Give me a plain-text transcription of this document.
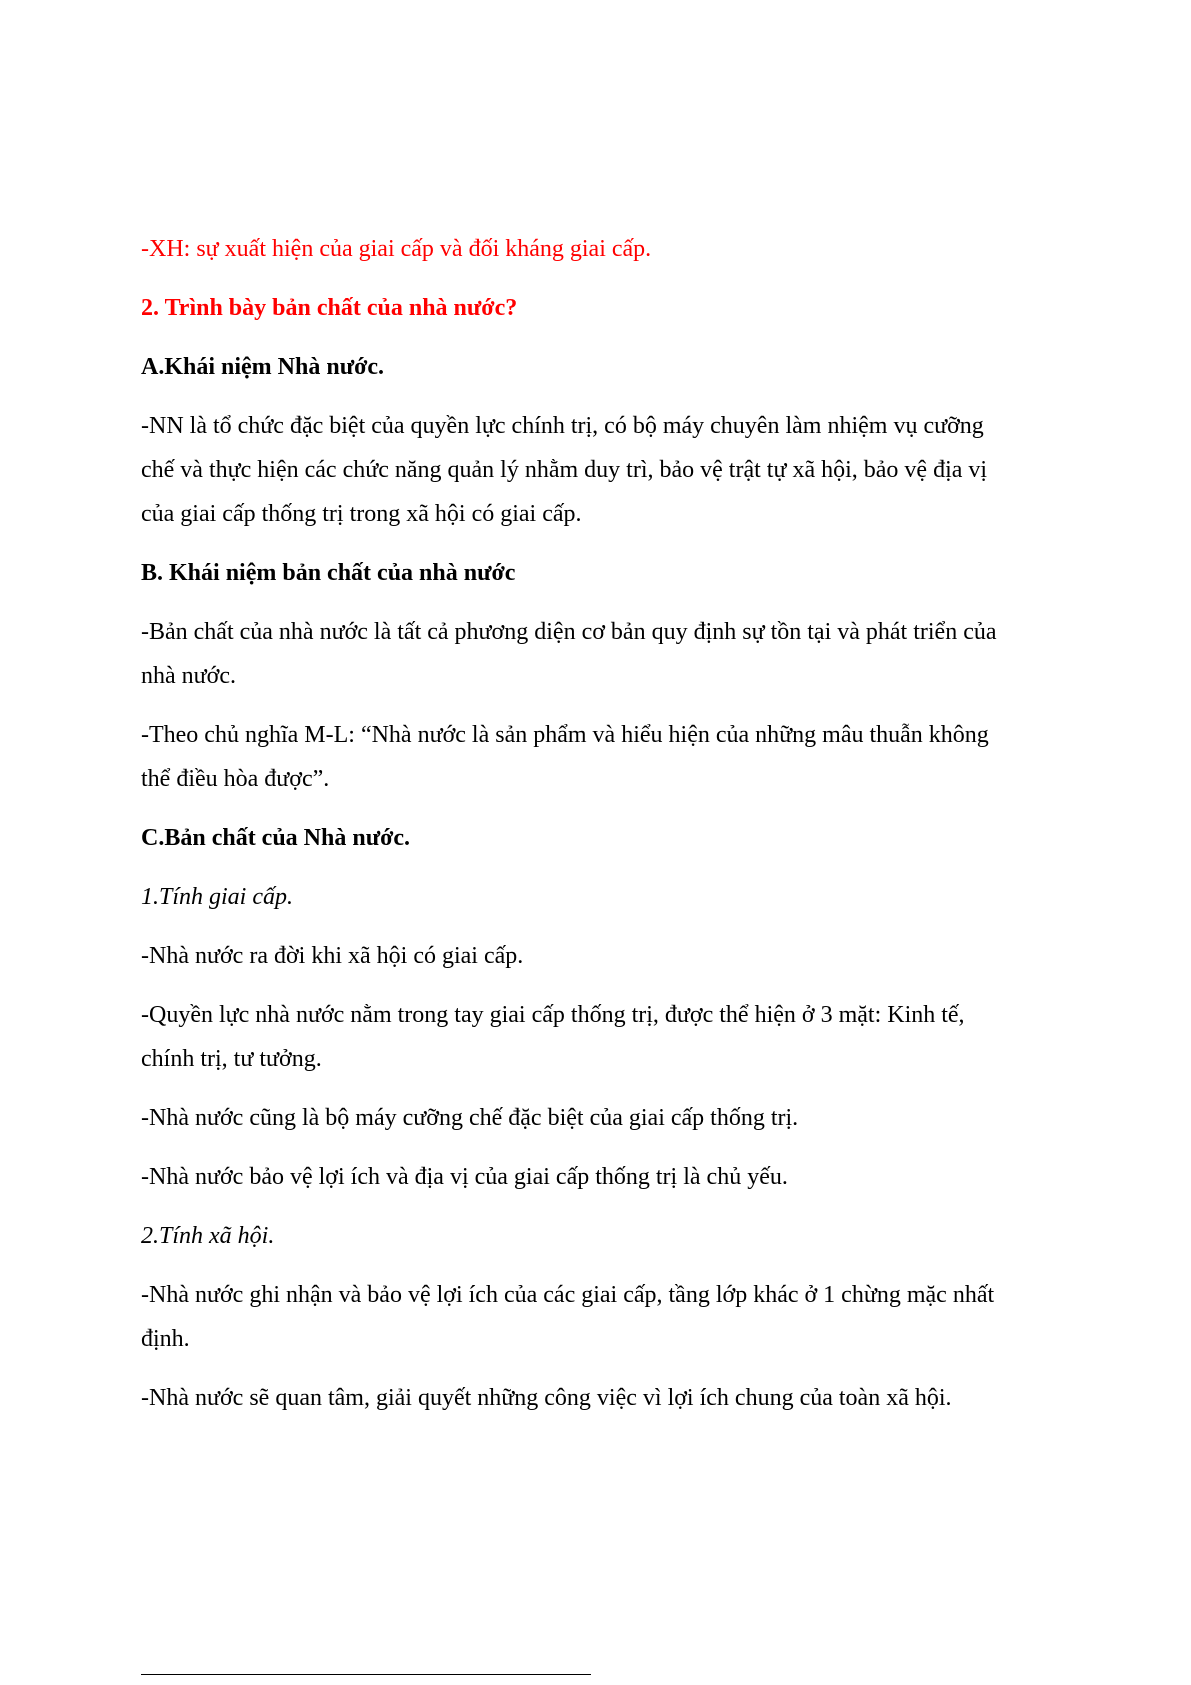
-XH: sự xuất hiện của giai cấp và đối kháng giai cấp.
2. Trình bày bản chất của nhà nước?
A.Khái niệm Nhà nước.
-NN là tổ chức đặc biệt của quyền lực chính trị, có bộ máy chuyên làm nhiệm vụ cưỡng
chế và thực hiện các chức năng quản lý nhằm duy trì, bảo vệ trật tự xã hội, bảo vệ địa vị
của giai cấp thống trị trong xã hội có giai cấp.
B. Khái niệm bản chất của nhà nước
-Bản chất của nhà nước là tất cả phương diện cơ bản quy định sự tồn tại và phát triển của
nhà nước.
-Theo chủ nghĩa M-L: “Nhà nước là sản phẩm và hiểu hiện của những mâu thuẫn không
thể điều hòa được”.
C.Bản chất của Nhà nước.
1.Tính giai cấp.
-Nhà nước ra đời khi xã hội có giai cấp.
-Quyền lực nhà nước nằm trong tay giai cấp thống trị, được thể hiện ở 3 mặt: Kinh tế,
chính trị, tư tưởng.
-Nhà nước cũng là bộ máy cưỡng chế đặc biệt của giai cấp thống trị.
-Nhà nước bảo vệ lợi ích và địa vị của giai cấp thống trị là chủ yếu.
2.Tính xã hội.
-Nhà nước ghi nhận và bảo vệ lợi ích của các giai cấp, tầng lớp khác ở 1 chừng mặc nhất
định.
-Nhà nước sẽ quan tâm, giải quyết những công việc vì lợi ích chung của toàn xã hội.
